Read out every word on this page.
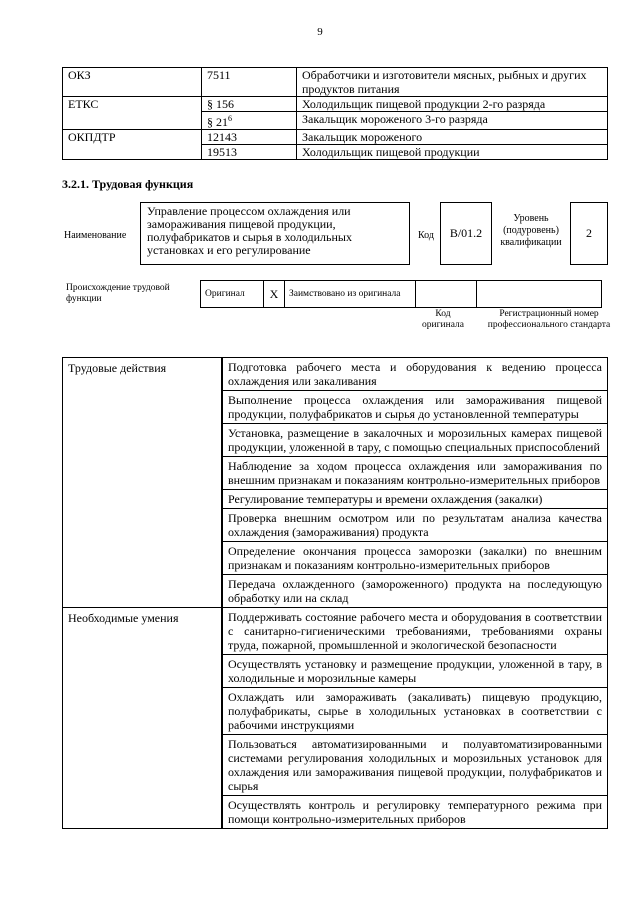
9
ОКЗ	7511	Обработчики и изготовители мясных, рыбных и других продуктов питания
ЕТКС	§ 156	Холодильщик пищевой продукции 2-го разряда
	§ $21^6$	Закальщик мороженого 3-го разряда
ОКПДТР	12143	Закальщик мороженого
	19513	Холодильщик пищевой продукции
3.2.1. Трудовая функция
Наименование
Управление процессом охлаждения или замораживания пищевой продукции, полуфабрикатов и сырья в холодильных установках и его регулирование
Код	B/01.2
Уровень (подуровень) квалификации
2
Происхождение трудовой функции	Оригинал	X	Заимствовано из оригинала		
Код оригинала
Регистрационный номер профессионального стандарта
Трудовые действия	Подготовка рабочего места и оборудования к ведению процесса охлаждения или закаливания
	Выполнение процесса охлаждения или замораживания пищевой продукции, полуфабрикатов и сырья до установленной температуры
	Установка, размещение в закалочных и морозильных камерах пищевой продукции, уложенной в тару, с помощью специальных приспособлений
	Наблюдение за ходом процесса охлаждения или замораживания по внешним признакам и показаниям контрольно-измерительных приборов
	Регулирование температуры и времени охлаждения (закалки)
	Проверка внешним осмотром или по результатам анализа качества охлаждения (замораживания) продукта
	Определение окончания процесса заморозки (закалки) по внешним признакам и показаниям контрольно-измерительных приборов
	Передача охлажденного (замороженного) продукта на последующую обработку или на склад
Необходимые умения	Поддерживать состояние рабочего места и оборудования в соответствии с санитарно-гигиеническими требованиями, требованиями охраны труда, пожарной, промышленной и экологической безопасности
	Осуществлять установку и размещение продукции, уложенной в тару, в холодильные и морозильные камеры
	Охлаждать или замораживать (закаливать) пищевую продукцию, полуфабрикаты, сырье в холодильных установках в соответствии с рабочими инструкциями
	Пользоваться автоматизированными и полуавтоматизированными системами регулирования холодильных и морозильных установок для охлаждения или замораживания пищевой продукции, полуфабрикатов и сырья
	Осуществлять контроль и регулировку температурного режима при помощи контрольно-измерительных приборов
